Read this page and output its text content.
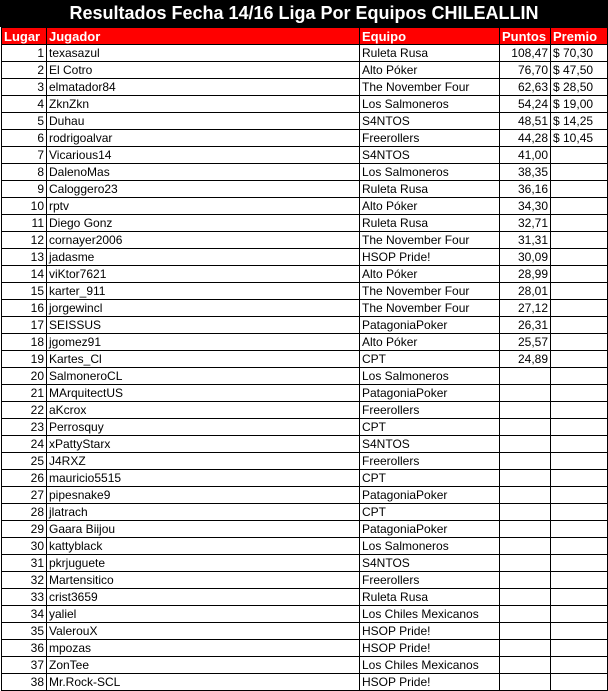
Resultados Fecha 14/16 Liga Por Equipos CHILEALLIN
Lugar	Jugador	Equipo	Puntos	Premio
1	texasazul	Ruleta Rusa	108,47	$ 70,30
2	El Cotro	Alto Póker	76,70	$ 47,50
3	elmatador84	The November Four	62,63	$ 28,50
4	ZknZkn	Los Salmoneros	54,24	$ 19,00
5	Duhau	S4NTOS	48,51	$ 14,25
6	rodrigoalvar	Freerollers	44,28	$ 10,45
7	Vicarious14	S4NTOS	41,00	
8	DalenoMas	Los Salmoneros	38,35	
9	Caloggero23	Ruleta Rusa	36,16	
10	rptv	Alto Póker	34,30	
11	Diego Gonz	Ruleta Rusa	32,71	
12	cornayer2006	The November Four	31,31	
13	jadasme	HSOP Pride!	30,09	
14	viKtor7621	Alto Póker	28,99	
15	karter_911	The November Four	28,01	
16	jorgewincl	The November Four	27,12	
17	SEISSUS	PatagoniaPoker	26,31	
18	jgomez91	Alto Póker	25,57	
19	Kartes_Cl	CPT	24,89	
20	SalmoneroCL	Los Salmoneros		
21	MArquitectUS	PatagoniaPoker		
22	aKcrox	Freerollers		
23	Perrosquy	CPT		
24	xPattyStarx	S4NTOS		
25	J4RXZ	Freerollers		
26	mauricio5515	CPT		
27	pipesnake9	PatagoniaPoker		
28	jlatrach	CPT		
29	Gaara Biijou	PatagoniaPoker		
30	kattyblack	Los Salmoneros		
31	pkrjuguete	S4NTOS		
32	Martensitico	Freerollers		
33	crist3659	Ruleta Rusa		
34	yaliel	Los Chiles Mexicanos		
35	ValerouX	HSOP Pride!		
36	mpozas	HSOP Pride!		
37	ZonTee	Los Chiles Mexicanos		
38	Mr.Rock-SCL	HSOP Pride!		
